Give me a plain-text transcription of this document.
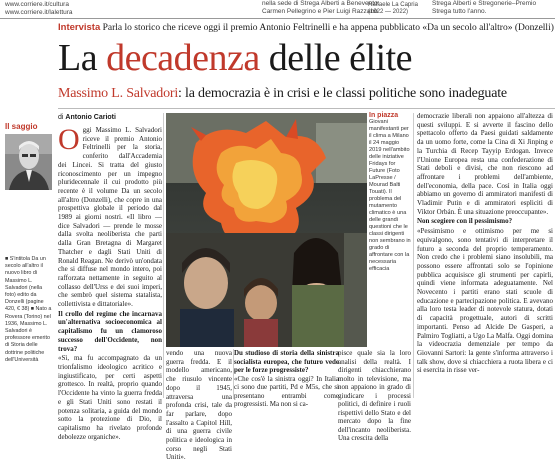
www.corriere.it/cultura
www.corriere.it/lalettura
nella sede di Strega Alberti a Benevento.
Carmen Pellegrino e Pier Luigi Razzano
Raffaele La Capria
(1922 — 2022)
Strega Alberti e Stregonerie–Premio
Strega tutto l'anno.
Intervista Parla lo storico che riceve oggi il premio Antonio Feltrinelli e ha appena pubblicato «Da un secolo all'altro» (Donzelli)
La decadenza delle élite
Massimo L. Salvadori: la democrazia è in crisi e le classi politiche sono inadeguate
Il saggio
■ S'intitola Da un secolo all'altro il nuovo libro di Massimo L. Salvadori (nella foto) edito da Donzelli (pagine 420, € 38) ■ Nato a Rovera (Torino) nel 1936, Massimo L. Salvadori è professore emerito di Storia delle dottrine politiche dell'Università
di Antonio Carioti
O ggi Massimo L. Salvadori riceve il premio Antonio Feltrinelli per la storia, conferito dall'Accademia dei Lincei. Si tratta del giusto riconoscimento per un impegno pluridecennale il cui prodotto più recente è il volume Da un secolo all'altro (Donzelli), che copre in una prospettiva globale il periodo dal 1989 ai giorni nostri. «Il libro — dice Salvadori — prende le mosse dalla svolta neoliberista che parti dalla Gran Bretagna di Margaret Thatcher e dagli Stati Uniti di Ronald Reagan. Ne derivò un'ondata che si diffuse nel mondo intero, poi rafforzata nettamente in seguito al collasso dell'Urss e dei suoi imperi, che sembrò quel sistema statalista, collettivista e dittatoriale».

Il crollo del regime che incarnava un'alternativa socioeconomica al capitalismo fu un clamoroso successo dell'Occidente, non trova?

«Sì, ma fu accompagnato da un trionfalismo ideologico acritico e ingiustificato, per certi aspetti grottesco. In realtà, proprio quando l'Occidente ha vinto la guerra fredda e gli Stati Uniti sono restati il potenza solitaria, a guida del mondo sotto la protezione di Dio, il capitalismo ha rivelato profonde debolezze organiche».

In piazza
Giovani manifestanti per il clima a Milano il 24 maggio 2019 nell'ambito delle iniziative Fridays for Future (Foto LaPresse / Mourad Balti Touati). Il problema del mutamento climatico è una delle grandi questioni che le classi dirigenti non sembrano in grado di affrontare con la necessaria efficacia

vendo una nuova guerra fredda. E il modello americano, che riusulo vincente dopo il 1945, attraversa una profonda crisi, tale da far parlare, dopo l'assalto a Capitol Hill, di una guerra civile politica e ideologica in corso negli Stati Uniti».

Du studioso di storia della sinistra socialista europea, che futuro vede per le forze progressiste?

«Che cos'è la sinistra oggi? In Italia ci sono due partiti, Pd e M5s, che si presentano entrambi come progressisti. Ma non si ca-

pisce quale sia la loro analisi della realtà. I dirigenti chiacchierano molto in televisione, ma non appaiono in grado di giudicare i processi politici, di definire i ruoli rispettivi dello Stato e del mercato dopo la fine dell'incanto neoliberista. Una crescita della

democrazie liberali non appaiono all'altezza di questi sviluppi. E si avverte il fascino dello spettacolo offerto da Paesi guidati saldamente da un uomo forte, come la Cina di Xi Jinping e la Turchia di Recep Tayyip Erdogan. Invece l'Unione Europea resta una confederazione di Stati deboli e divisi, che non riescono ad affrontare i problemi dell'ambiente, dell'economia, della pace. Così in Italia oggi abbiamo un governo di ammiratori manifesti di Vladimir Putin e di ammiratori espliciti di Viktor Orbán. È una situazione preoccupante».

Non scegiere con il pessimismo?

«Pessimismo e ottimismo per me si equivalgono, sono tentativi di interpretare il futuro a seconda del proprio temperamento. Non credo che i problemi siano insolubili, ma possono essere affrontati solo se l'opinione pubblica acquisisce gli strumenti per capirli, quindi viene informata adeguatamente. Nel Novecento i partiti erano stati scuole di educazione e partecipazione politica. E avevano alla loro testa leader di notevole statura, dotati di capacità progettuale, autori di scritti importanti. Penso ad Alcide De Gasperi, a Palmiro Togliatti, a Ugo La Malfa. Oggi domina la videocrazia demenziale per tempo da Giovanni Sartori: la gente s'informa attraverso i talk show, dove si chiacchiera a ruota libera e ci si esercita in risse ver-
